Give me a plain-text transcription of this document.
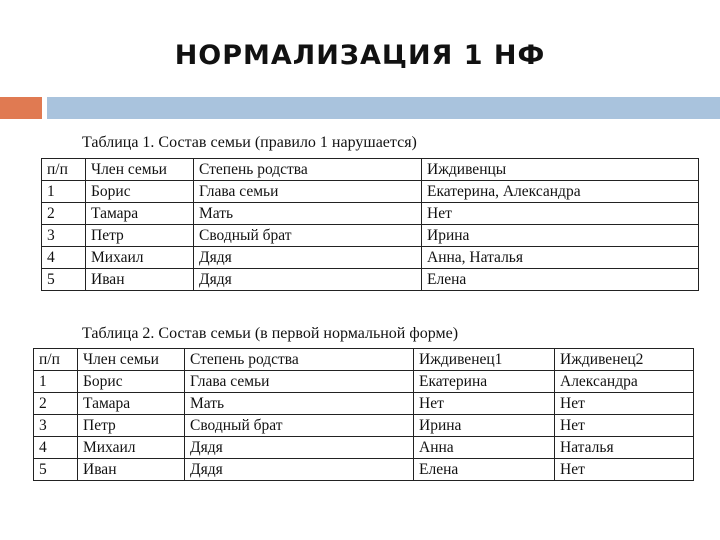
НОРМАЛИЗАЦИЯ 1 НФ
Таблица 1. Состав семьи (правило 1 нарушается)
п/п	Член семьи	Степень родства	Иждивенцы
1	Борис	Глава семьи	Екатерина, Александра
2	Тамара	Мать	Нет
3	Петр	Сводный брат	Ирина
4	Михаил	Дядя	Анна, Наталья
5	Иван	Дядя	Елена
Таблица 2. Состав семьи (в первой нормальной форме)
п/п	Член семьи	Степень родства	Иждивенец1	Иждивенец2
1	Борис	Глава семьи	Екатерина	Александра
2	Тамара	Мать	Нет	Нет
3	Петр	Сводный брат	Ирина	Нет
4	Михаил	Дядя	Анна	Наталья
5	Иван	Дядя	Елена	Нет
